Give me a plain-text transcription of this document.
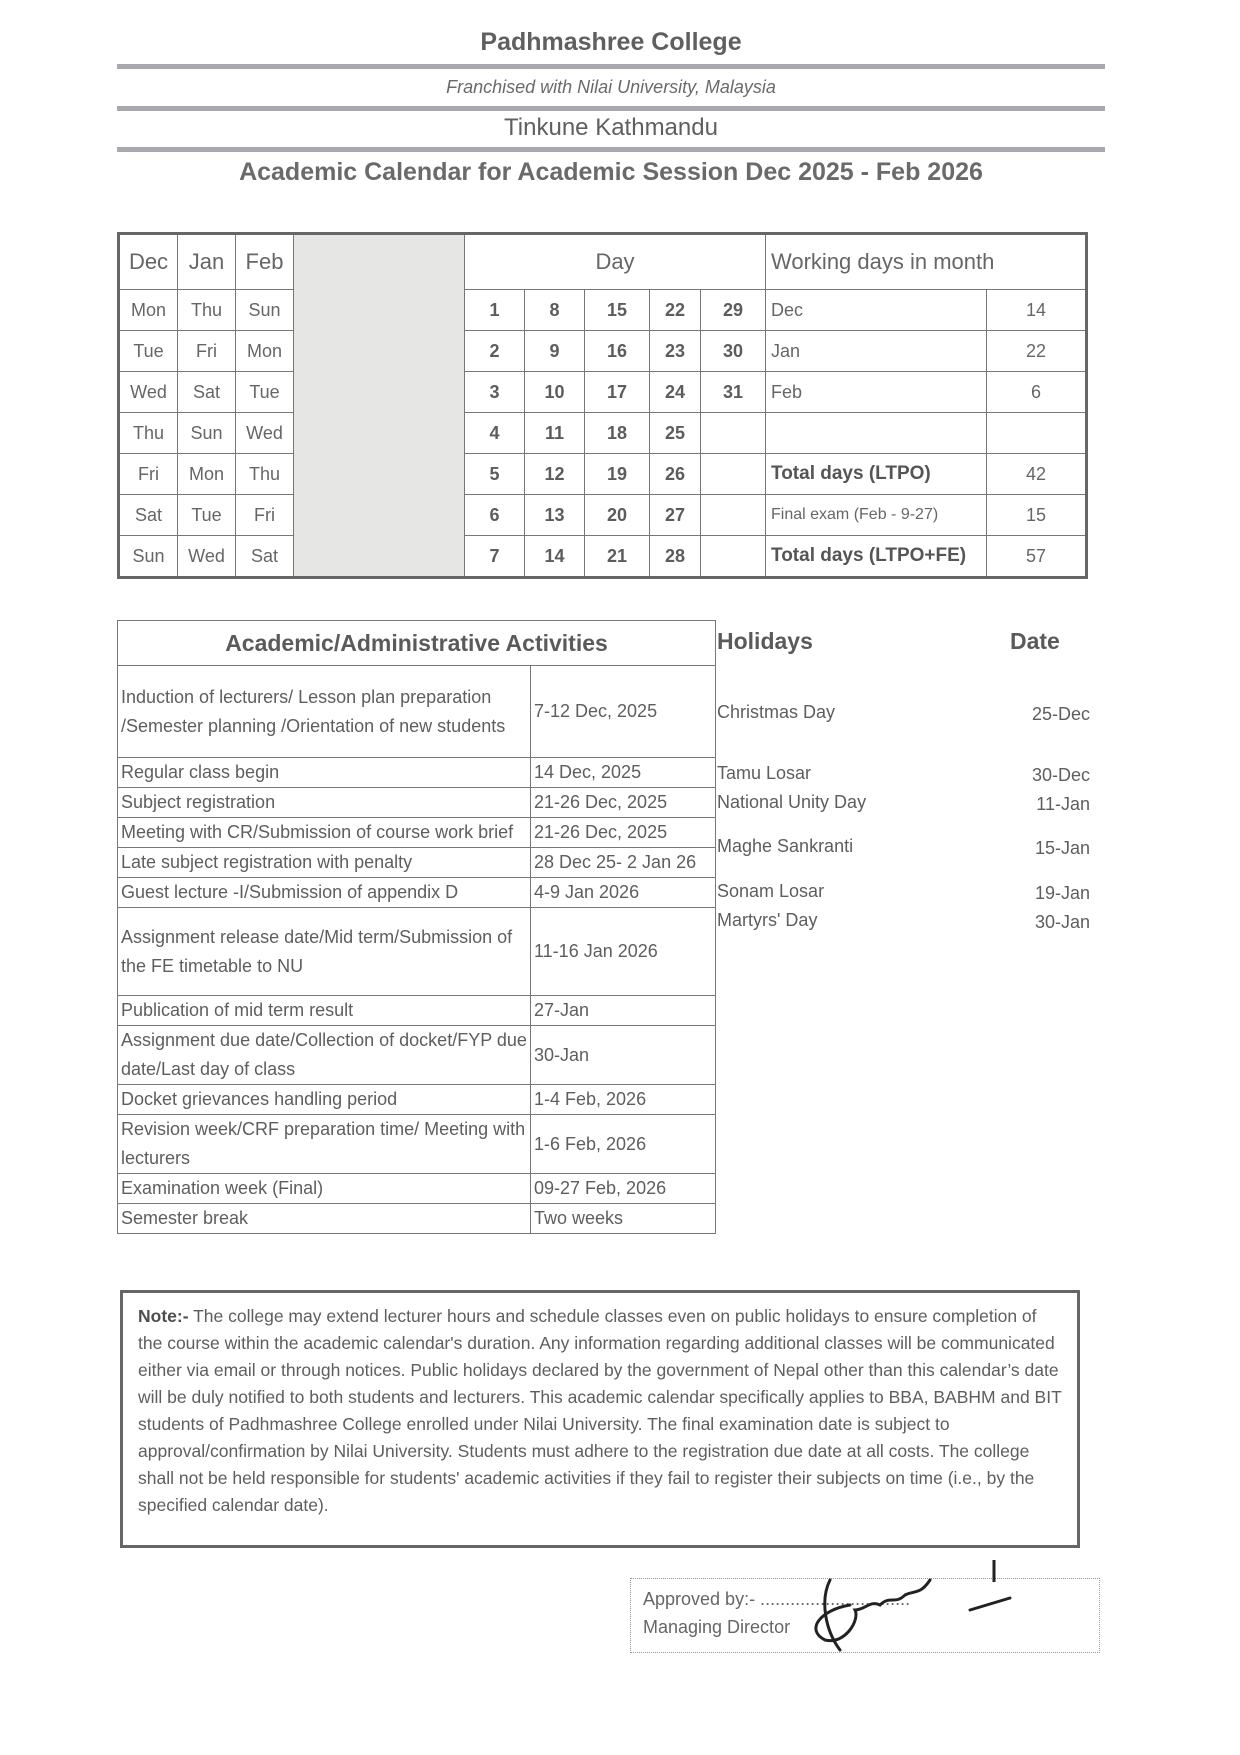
Padhmashree College
Franchised with Nilai University, Malaysia
Tinkune Kathmandu
Academic Calendar for Academic Session Dec 2025 - Feb 2026
Dec	Jan	Feb		Day					Working days in month	
Mon	Thu	Sun		1	8	15	22	29	Dec	14
Tue	Fri	Mon		2	9	16	23	30	Jan	22
Wed	Sat	Tue		3	10	17	24	31	Feb	6
Thu	Sun	Wed		4	11	18	25			
Fri	Mon	Thu		5	12	19	26		Total days (LTPO)	42
Sat	Tue	Fri		6	13	20	27		Final exam (Feb - 9-27)	15
Sun	Wed	Sat		7	14	21	28		Total days (LTPO+FE)	57
Academic/Administrative Activities	
Induction of lecturers/ Lesson plan preparation /Semester planning /Orientation of new students	7-12 Dec, 2025
Regular class begin	14 Dec, 2025
Subject registration	21-26 Dec, 2025
Meeting with CR/Submission of course work brief	21-26 Dec, 2025
Late subject registration with penalty	28 Dec 25- 2 Jan 26
Guest lecture -I/Submission of appendix D	4-9 Jan 2026
Assignment release date/Mid term/Submission of the FE timetable to NU	11-16 Jan 2026
Publication of mid term result	27-Jan
Assignment due date/Collection of docket/FYP due date/Last day of class	30-Jan
Docket grievances handling period	1-4 Feb, 2026
Revision week/CRF preparation time/ Meeting with lecturers	1-6 Feb, 2026
Examination week (Final)	09-27 Feb, 2026
Semester break	Two weeks
Holidays	Date
Christmas Day	25-Dec
Tamu Losar	30-Dec
National Unity Day	11-Jan
Maghe Sankranti	15-Jan
Sonam Losar	19-Jan
Martyrs' Day	30-Jan
Note:- The college may extend lecturer hours and schedule classes even on public holidays to ensure completion of the course within the academic calendar's duration. Any information regarding additional classes will be communicated either via email or through notices. Public holidays declared by the government of Nepal other than this calendar’s date will be duly notified to both students and lecturers. This academic calendar specifically applies to BBA, BABHM and BIT students of Padhmashree College enrolled under Nilai University. The final examination date is subject to approval/confirmation by Nilai University. Students must adhere to the registration due date at all costs. The college shall not be held responsible for students' academic activities if they fail to register their subjects on time (i.e., by the specified calendar date).
Approved by:- ..............................
Managing Director
